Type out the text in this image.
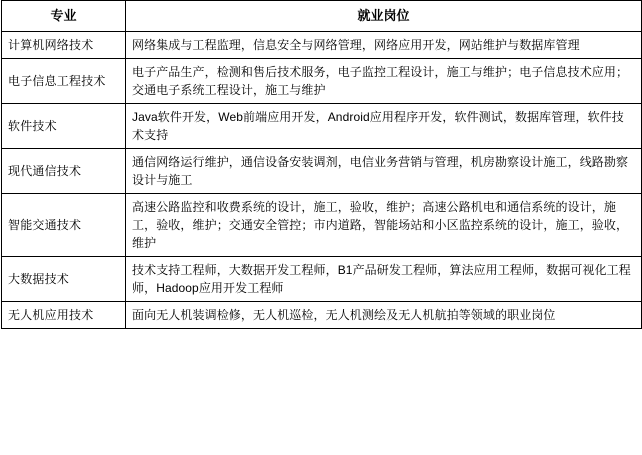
专业	就业岗位
计算机网络技术	网络集成与工程监理，信息安全与网络管理，网络应用开发，网站维护与数据库管理
电子信息工程技术	电子产品生产，检测和售后技术服务，电子监控工程设计，施工与维护；电子信息技术应用；交通电子系统工程设计，施工与维护
软件技术	Java软件开发，Web前端应用开发，Android应用程序开发，软件测试，数据库管理，软件技术支持
现代通信技术	通信网络运行维护，通信设备安装调剂，电信业务营销与管理，机房勘察设计施工，线路勘察设计与施工
智能交通技术	高速公路监控和收费系统的设计，施工，验收，维护；高速公路机电和通信系统的设计，施工，验收，维护；交通安全管控；市内道路，智能场站和小区监控系统的设计，施工，验收，维护
大数据技术	技术支持工程师，大数据开发工程师，B1产品研发工程师，算法应用工程师，数据可视化工程师，Hadoop应用开发工程师
无人机应用技术	面向无人机装调检修，无人机巡检，无人机测绘及无人机航拍等领域的职业岗位
